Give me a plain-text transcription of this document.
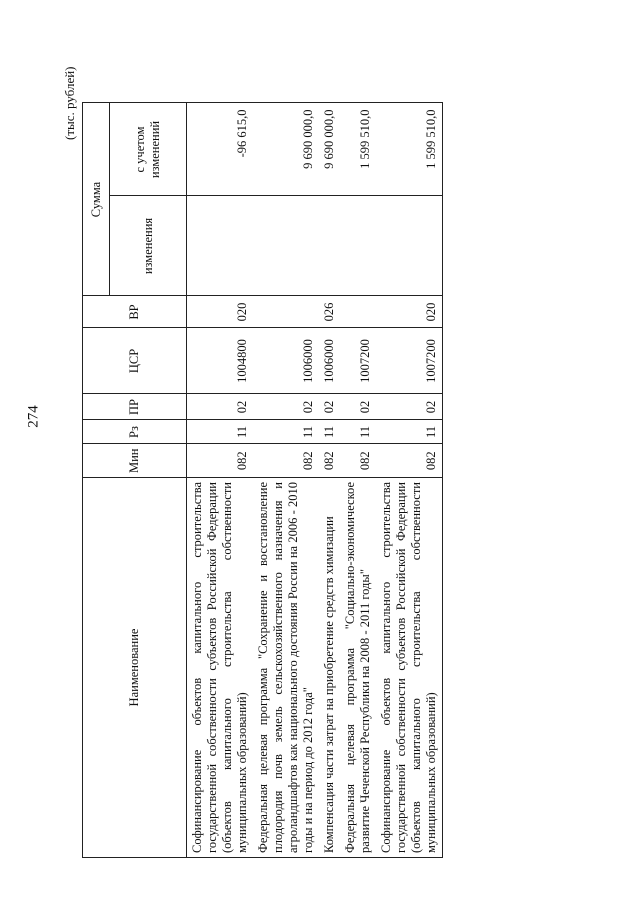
274
(тыс. рублей)
Наименование	Мин	Рз	ПР	ЦСР	ВР	Сумма	
						изменения	с учетом изменений
Софинансирование объектов капитального строительства государственной собственности субъектов Российской Федерации (объектов капитального строительства собственности муниципальных образований)	082	11	02	1004800	020		-96 615,0
Федеральная целевая программа "Сохранение и восстановление плодородия почв земель сельскохозяйственного назначения и агроландшафтов как национального достояния России на 2006 - 2010 годы и на период до 2012 года"	082	11	02	1006000			9 690 000,0
Компенсация части затрат на приобретение средств химизации	082	11	02	1006000	026		9 690 000,0
Федеральная целевая программа "Социально-экономическое развитие Чеченской Республики на 2008 - 2011 годы"	082	11	02	1007200			1 599 510,0
Софинансирование объектов капитального строительства государственной собственности субъектов Российской Федерации (объектов капитального строительства собственности муниципальных образований)	082	11	02	1007200	020		1 599 510,0
